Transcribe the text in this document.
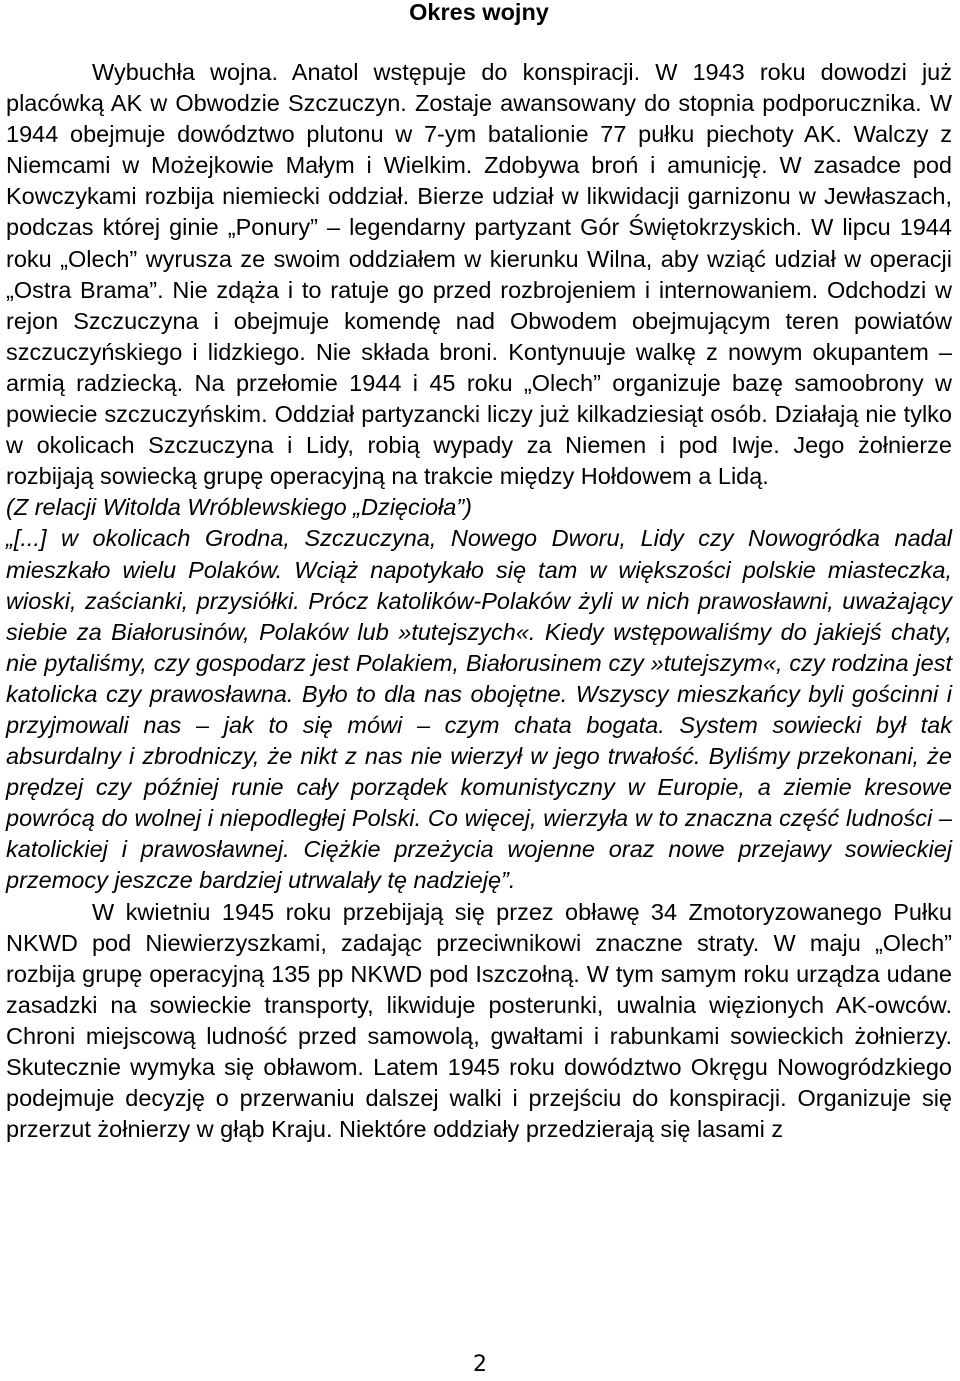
Okres wojny

Wybuchła wojna. Anatol wstępuje do konspiracji. W 1943 roku dowodzi już placówką AK w Obwodzie Szczuczyn. Zostaje awansowany do stopnia podporucznika. W 1944 obejmuje dowództwo plutonu w 7-ym batalionie 77 pułku piechoty AK. Walczy z Niemcami w Możejkowie Małym i Wielkim. Zdobywa broń i amunicję. W zasadce pod Kowczykami rozbija niemiecki oddział. Bierze udział w likwidacji garnizonu w Jewłaszach, podczas której ginie „Ponury” – legendarny partyzant Gór Świętokrzyskich. W lipcu 1944 roku „Olech” wyrusza ze swoim oddziałem w kierunku Wilna, aby wziąć udział w operacji „Ostra Brama”. Nie zdąża i to ratuje go przed rozbrojeniem i internowaniem. Odchodzi w rejon Szczuczyna i obejmuje komendę nad Obwodem obejmującym teren powiatów szczuczyńskiego i lidzkiego. Nie składa broni. Kontynuuje walkę z nowym okupantem – armią radziecką. Na przełomie 1944 i 45 roku „Olech” organizuje bazę samoobrony w powiecie szczuczyńskim. Oddział partyzancki liczy już kilkadziesiąt osób. Działają nie tylko w okolicach Szczuczyna i Lidy, robią wypady za Niemen i pod Iwje. Jego żołnierze rozbijają sowiecką grupę operacyjną na trakcie między Hołdowem a Lidą.

(Z relacji Witolda Wróblewskiego „Dzięcioła”)

„[...] w okolicach Grodna, Szczuczyna, Nowego Dworu, Lidy czy Nowogródka nadal mieszkało wielu Polaków. Wciąż napotykało się tam w większości polskie miasteczka, wioski, zaścianki, przysiółki. Prócz katolików-Polaków żyli w nich prawosławni, uważający siebie za Białorusinów, Polaków lub »tutejszych«. Kiedy wstępowaliśmy do jakiejś chaty, nie pytaliśmy, czy gospodarz jest Polakiem, Białorusinem czy »tutejszym«, czy rodzina jest katolicka czy prawosławna. Było to dla nas obojętne. Wszyscy mieszkańcy byli gościnni i przyjmowali nas – jak to się mówi – czym chata bogata. System sowiecki był tak absurdalny i zbrodniczy, że nikt z nas nie wierzył w jego trwałość. Byliśmy przekonani, że prędzej czy później runie cały porządek komunistyczny w Europie, a ziemie kresowe powrócą do wolnej i niepodległej Polski. Co więcej, wierzyła w to znaczna część ludności – katolickiej i prawosławnej. Ciężkie przeżycia wojenne oraz nowe przejawy sowieckiej przemocy jeszcze bardziej utrwalały tę nadzieję”.

W kwietniu 1945 roku przebijają się przez obławę 34 Zmotoryzowanego Pułku NKWD pod Niewierzyszkami, zadając przeciwnikowi znaczne straty. W maju „Olech” rozbija grupę operacyjną 135 pp NKWD pod Iszczołną. W tym samym roku urządza udane zasadzki na sowieckie transporty, likwiduje posterunki, uwalnia więzionych AK-owców. Chroni miejscową ludność przed samowolą, gwałtami i rabunkami sowieckich żołnierzy. Skutecznie wymyka się obławom. Latem 1945 roku dowództwo Okręgu Nowogródzkiego podejmuje decyzję o przerwaniu dalszej walki i przejściu do konspiracji. Organizuje się przerzut żołnierzy w głąb Kraju. Niektóre oddziały przedzierają się lasami z

2
